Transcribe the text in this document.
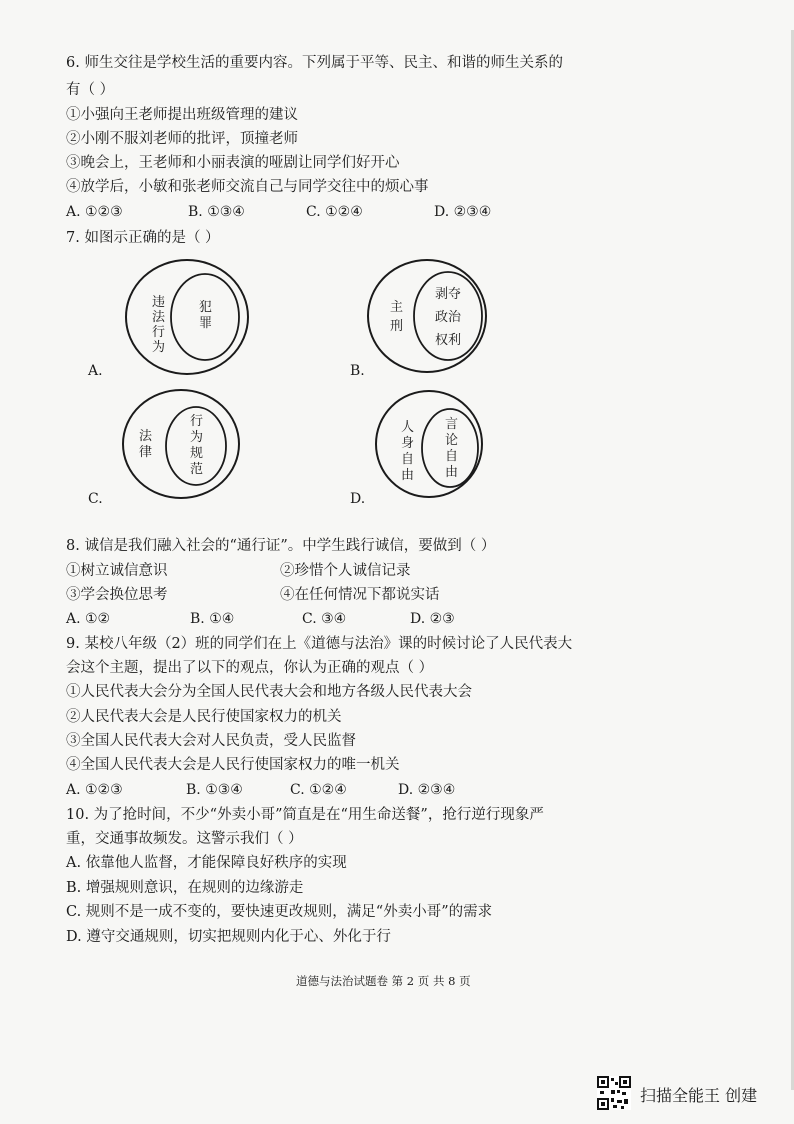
6. 师生交往是学校生活的重要内容。下列属于平等、民主、和谐的师生关系的
有（ ）
①小强向王老师提出班级管理的建议
②小刚不服刘老师的批评，顶撞老师
③晚会上，王老师和小丽表演的哑剧让同学们好开心
④放学后，小敏和张老师交流自己与同学交往中的烦心事
A. ①②③	B. ①③④	C. ①②④	D. ②③④
7. 如图示正确的是（ ）
违
法
行
为
犯
罪
主
刑
剥夺
政治
权利
法
律
行
为
规
范
人
身
自
由
言
论
自
由
A.	B.
C.	D.
8. 诚信是我们融入社会的“通行证”。中学生践行诚信，要做到（ ）
①树立诚信意识	②珍惜个人诚信记录
③学会换位思考	④在任何情况下都说实话
A. ①②	B. ①④	C. ③④	D. ②③
9. 某校八年级（2）班的同学们在上《道德与法治》课的时候讨论了人民代表大
会这个主题，提出了以下的观点，你认为正确的观点（ ）
①人民代表大会分为全国人民代表大会和地方各级人民代表大会
②人民代表大会是人民行使国家权力的机关
③全国人民代表大会对人民负责，受人民监督
④全国人民代表大会是人民行使国家权力的唯一机关
A. ①②③	B. ①③④	C. ①②④	D. ②③④
10. 为了抢时间，不少“外卖小哥”简直是在“用生命送餐”，抢行逆行现象严
重，交通事故频发。这警示我们（ ）
A. 依靠他人监督，才能保障良好秩序的实现
B. 增强规则意识，在规则的边缘游走
C. 规则不是一成不变的，要快速更改规则，满足“外卖小哥”的需求
D. 遵守交通规则，切实把规则内化于心、外化于行
道德与法治试题卷 第 2 页 共 8 页
扫描全能王 创建
